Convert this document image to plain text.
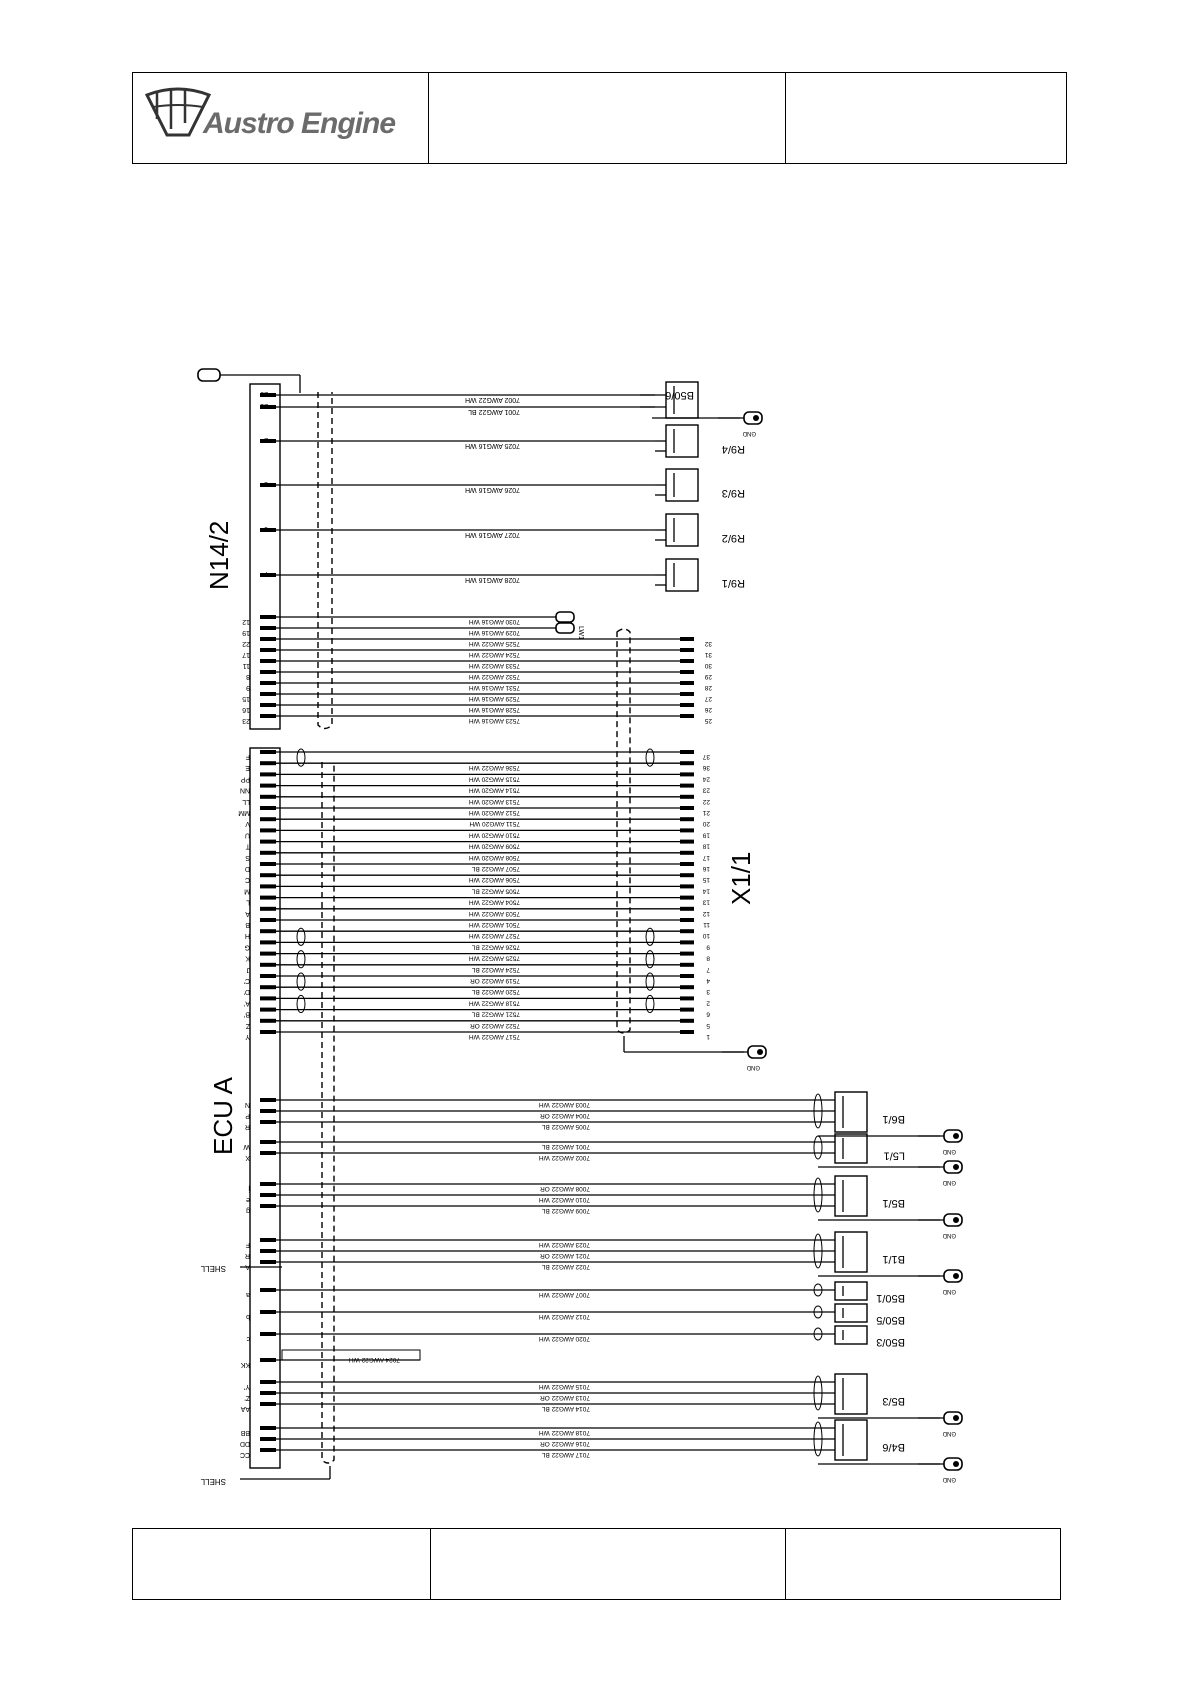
Austro Engine
GND
20
7002 AWG22 WH
21
7001 AWG22 BL
2
7025 AWG16 WH	R9/4
3
7026 AWG16 WH	R9/3
6
7027 AWG16 WH	R9/2
7
7028 AWG16 WH	R9/1
GND
12	7030 AWG16 WH
19	7029 AWG16 WH
22	7525 AWG22 WH	32
17	7524 AWG22 WH	31
11	7533 AWG22 WH	30
8	7532 AWG22 WH	29
9	7531 AWG16 WH	28
15	7529 AWG16 WH	27
16	7528 AWG16 WH	26
23	7523 AWG16 WH	25
F	37
E	7536 AWG22 WH	36
PP	7515 AWG20 WH	24
NN	7514 AWG20 WH	23
LL	7513 AWG20 WH	22
MM	7512 AWG20 WH	21
V	7511 AWG20 WH	20
U	7510 AWG20 WH	19
T	7509 AWG20 WH	18
S	7508 AWG20 WH	17
D	7507 AWG22 BL	16
C	7506 AWG22 WH	15
M	7505 AWG22 BL	14
L	7504 AWG22 WH	13
A	7503 AWG22 WH	12
B	7501 AWG22 WH	11
H	7527 AWG22 WH	10
G	7526 AWG22 BL	9
K	7525 AWG22 WH	8
J	7524 AWG22 BL	7
C'	7519 AWG22 OR	4
D'	7520 AWG22 BL	3
A'	7518 AWG22 WH	2
B'	7521 AWG22 BL	6
Z	7522 AWG22 OR	5
Y	7517 AWG22 WH	1
N	7003 AWG22 WH
P	7004 AWG22 OR
R	7005 AWG22 BL
B6/1
GND
W	7001 AWG22 BL
X	7002 AWG22 WH	L5/1
GND
j	7008 AWG22 OR
e	7010 AWG22 WH
g	7009 AWG22 BL
B5/1
GND
F	7023 AWG22 WH
R	7021 AWG22 OR
A	7022 AWG22 BL
B1/1
GND
a	7007 AWG22 WH	B50/1
b	7012 AWG22 WH	B50/5
c	7020 AWG22 WH	B50/3
Y'	7015 AWG22 WH
Z'	7013 AWG22 OR
AA	7014 AWG22 BL
B5/3
GND
BB	7018 AWG22 WH
DD	7016 AWG22 OR
CC	7017 AWG22 BL
B4/6
GND
KK
7024 AWG22 WH
N14/2
X1/1
ECU A
SHELL
SHELL
B50/6
LW1
